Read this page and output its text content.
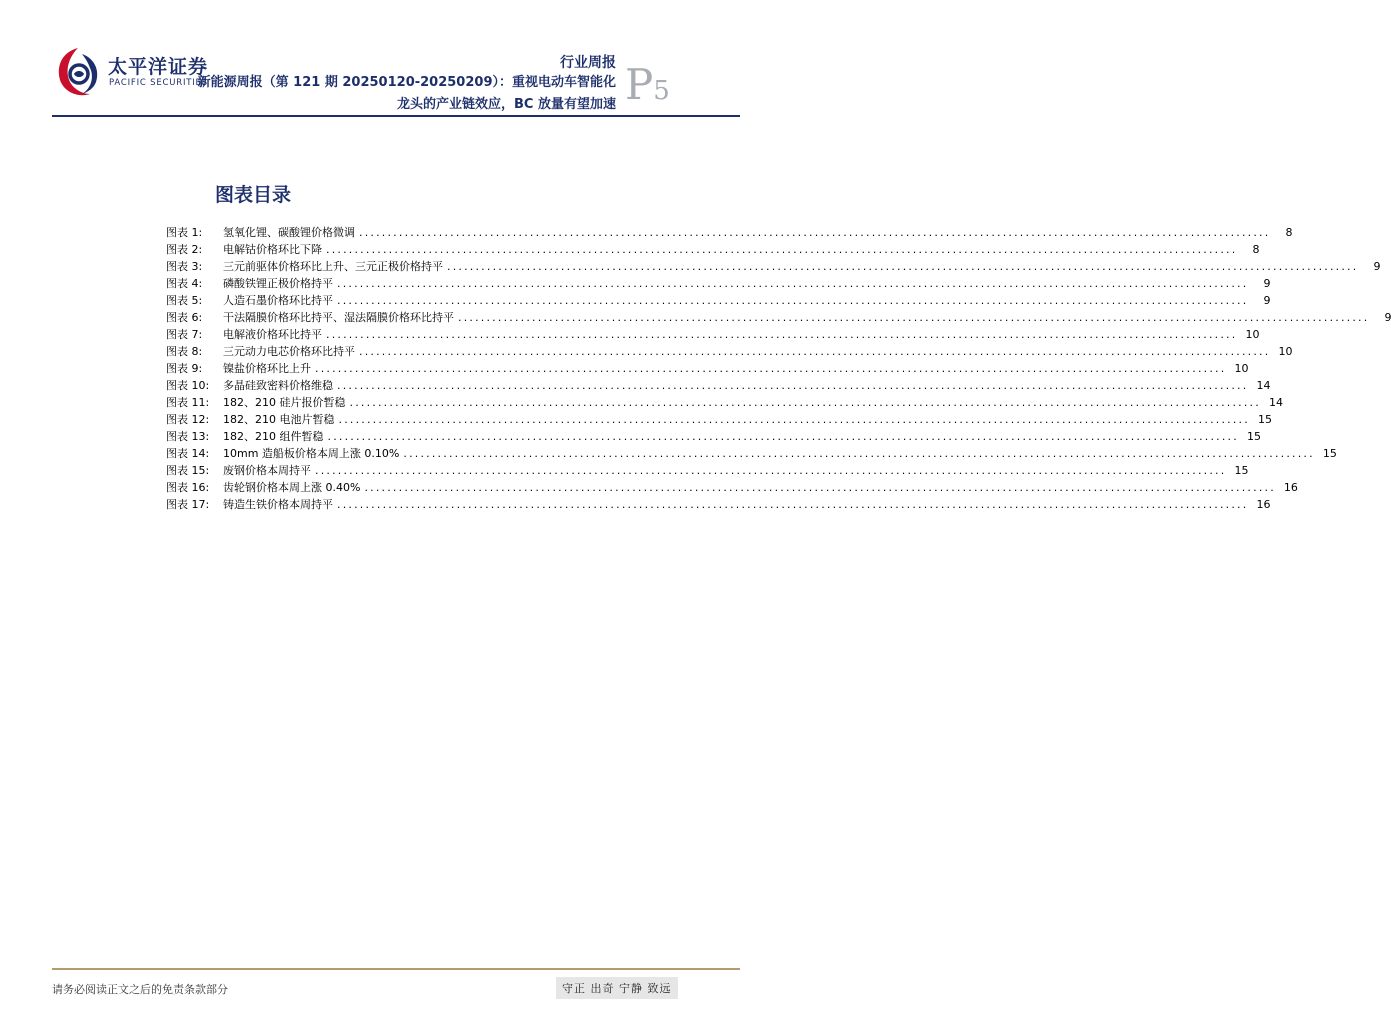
太平洋证券
PACIFIC SECURITIES
行业周报
新能源周报（第 121 期 20250120-20250209）：重视电动车智能化龙头的产业链效应，BC 放量有望加速 P5
图表目录
图表 1:	氢氧化锂、碳酸锂价格微调 ................................................................................................................................................................	8
图表 2:	电解钴价格环比下降 ................................................................................................................................................................	8
图表 3:	三元前驱体价格环比上升、三元正极价格持平 ................................................................................................................................................................	9
图表 4:	磷酸铁锂正极价格持平 ................................................................................................................................................................	9
图表 5:	人造石墨价格环比持平 ................................................................................................................................................................	9
图表 6:	干法隔膜价格环比持平、湿法隔膜价格环比持平 ................................................................................................................................................................	9
图表 7:	电解液价格环比持平 ................................................................................................................................................................ 10
图表 8:	三元动力电芯价格环比持平 ................................................................................................................................................................ 10
图表 9:	镍盐价格环比上升 ................................................................................................................................................................ 10
图表 10:	多晶硅致密料价格维稳 ................................................................................................................................................................ 14
图表 11:	182、210 硅片报价暂稳 ................................................................................................................................................................ 14
图表 12:	182、210 电池片暂稳 ................................................................................................................................................................ 15
图表 13:	182、210 组件暂稳 ................................................................................................................................................................ 15
图表 14:	10mm 造船板价格本周上涨 0.10% ................................................................................................................................................................ 15
图表 15:	废钢价格本周持平 ................................................................................................................................................................ 15
图表 16:	齿轮钢价格本周上涨 0.40% ................................................................................................................................................................ 16
图表 17:	铸造生铁价格本周持平 ................................................................................................................................................................ 16
请务必阅读正文之后的免责条款部分	守正 出奇 宁静 致远
